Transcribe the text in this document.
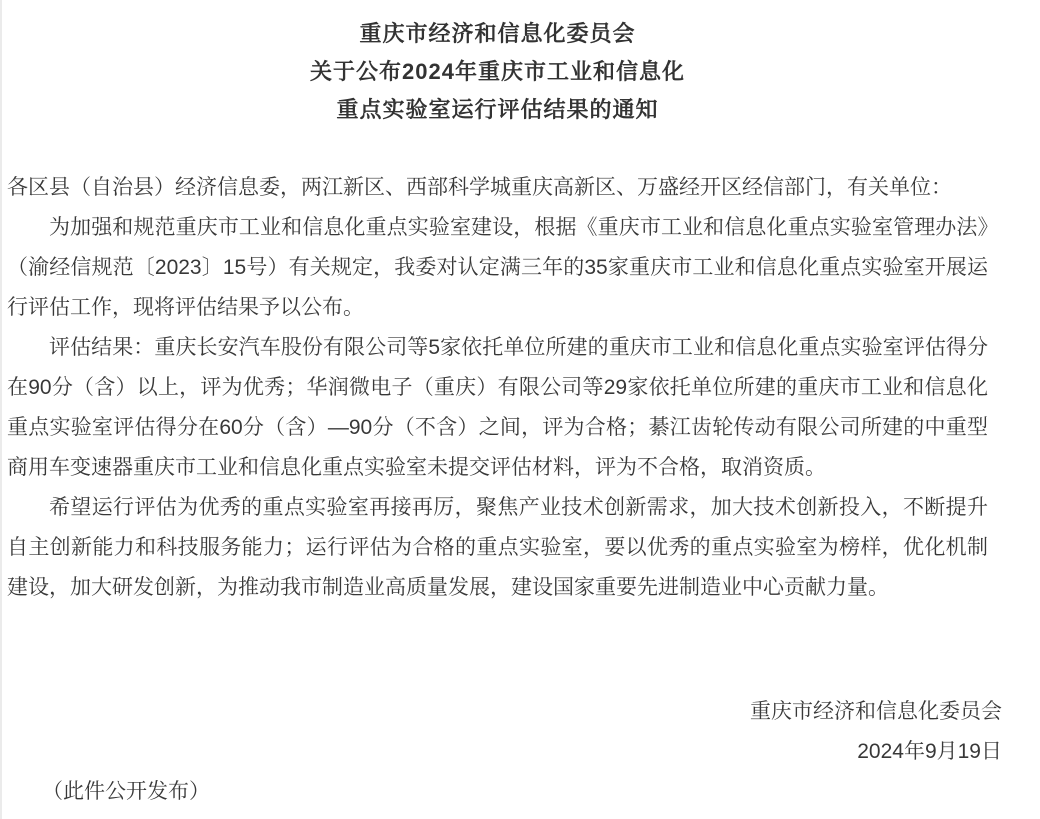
重庆市经济和信息化委员会
关于公布2024年重庆市工业和信息化
重点实验室运行评估结果的通知

各区县（自治县）经济信息委，两江新区、西部科学城重庆高新区、万盛经开区经信部门，有关单位：

为加强和规范重庆市工业和信息化重点实验室建设，根据《重庆市工业和信息化重点实验室管理办法》（渝经信规范〔2023〕15号）有关规定，我委对认定满三年的35家重庆市工业和信息化重点实验室开展运行评估工作，现将评估结果予以公布。

评估结果：重庆长安汽车股份有限公司等5家依托单位所建的重庆市工业和信息化重点实验室评估得分在90分（含）以上，评为优秀；华润微电子（重庆）有限公司等29家依托单位所建的重庆市工业和信息化重点实验室评估得分在60分（含）—90分（不含）之间，评为合格；綦江齿轮传动有限公司所建的中重型商用车变速器重庆市工业和信息化重点实验室未提交评估材料，评为不合格，取消资质。

希望运行评估为优秀的重点实验室再接再厉，聚焦产业技术创新需求，加大技术创新投入，不断提升自主创新能力和科技服务能力；运行评估为合格的重点实验室，要以优秀的重点实验室为榜样，优化机制建设，加大研发创新，为推动我市制造业高质量发展，建设国家重要先进制造业中心贡献力量。

重庆市经济和信息化委员会
2024年9月19日
（此件公开发布）
